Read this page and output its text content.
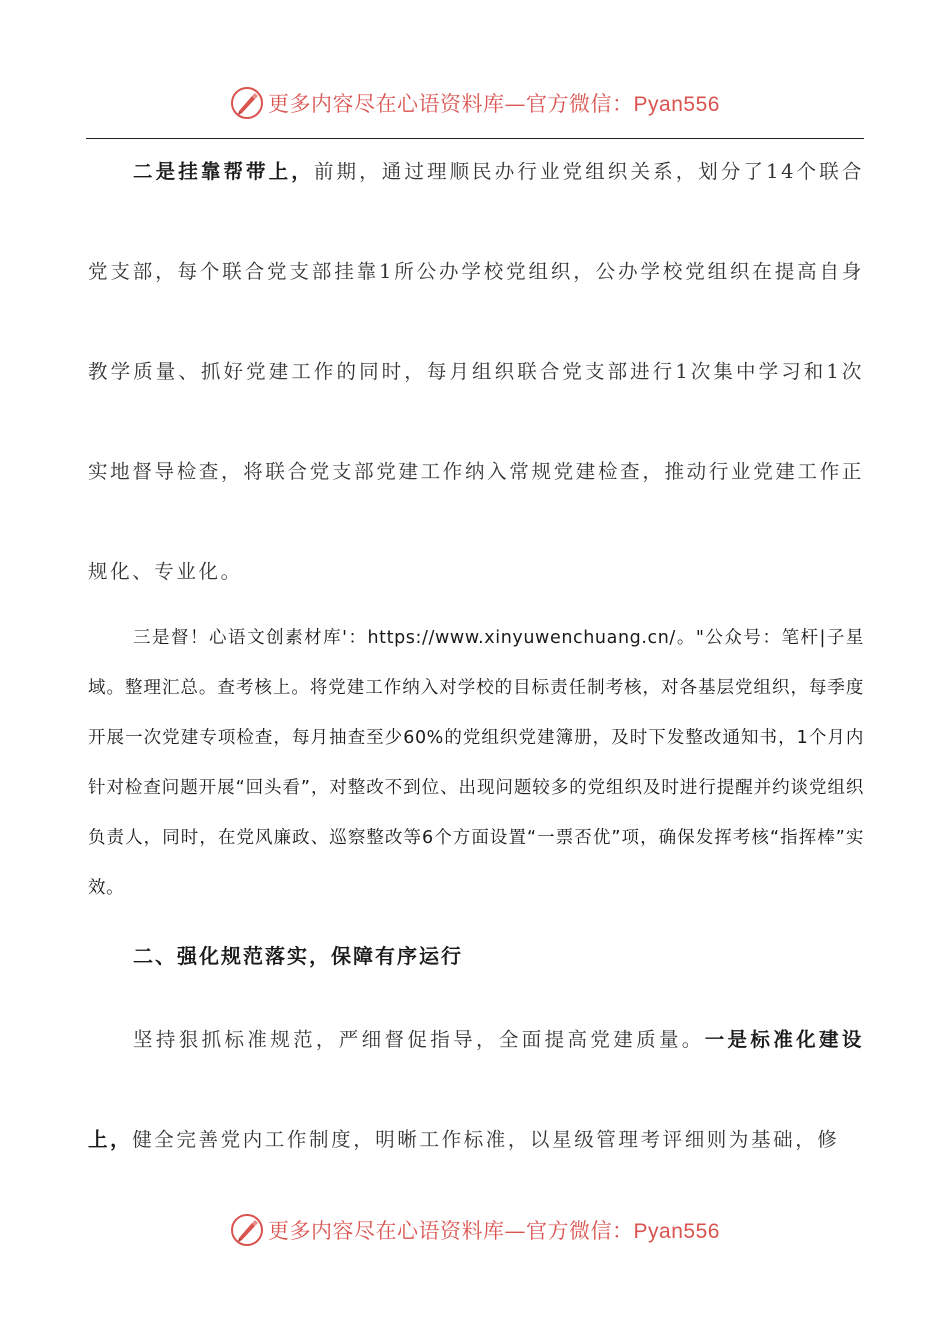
更多内容尽在心语资料库—官方微信：Pyan556

二是挂靠帮带上，前期，通过理顺民办行业党组织关系，划分了14个联合党支部，每个联合党支部挂靠1所公办学校党组织，公办学校党组织在提高自身教学质量、抓好党建工作的同时，每月组织联合党支部进行1次集中学习和1次实地督导检查，将联合党支部党建工作纳入常规党建检查，推动行业党建工作正规化、专业化。

三是督！心语文创素材库'：https://www.xinyuwenchuang.cn/。"公众号：笔杆|子星域。整理汇总。查考核上。将党建工作纳入对学校的目标责任制考核，对各基层党组织，每季度开展一次党建专项检查，每月抽查至少60%的党组织党建簿册，及时下发整改通知书，1个月内针对检查问题开展“回头看”，对整改不到位、出现问题较多的党组织及时进行提醒并约谈党组织负责人，同时，在党风廉政、巡察整改等6个方面设置“一票否优”项，确保发挥考核“指挥棒”实效。

二、强化规范落实，保障有序运行

坚持狠抓标准规范，严细督促指导，全面提高党建质量。一是标准化建设上，健全完善党内工作制度，明晰工作标准，以星级管理考评细则为基础，修

更多内容尽在心语资料库—官方微信：Pyan556
